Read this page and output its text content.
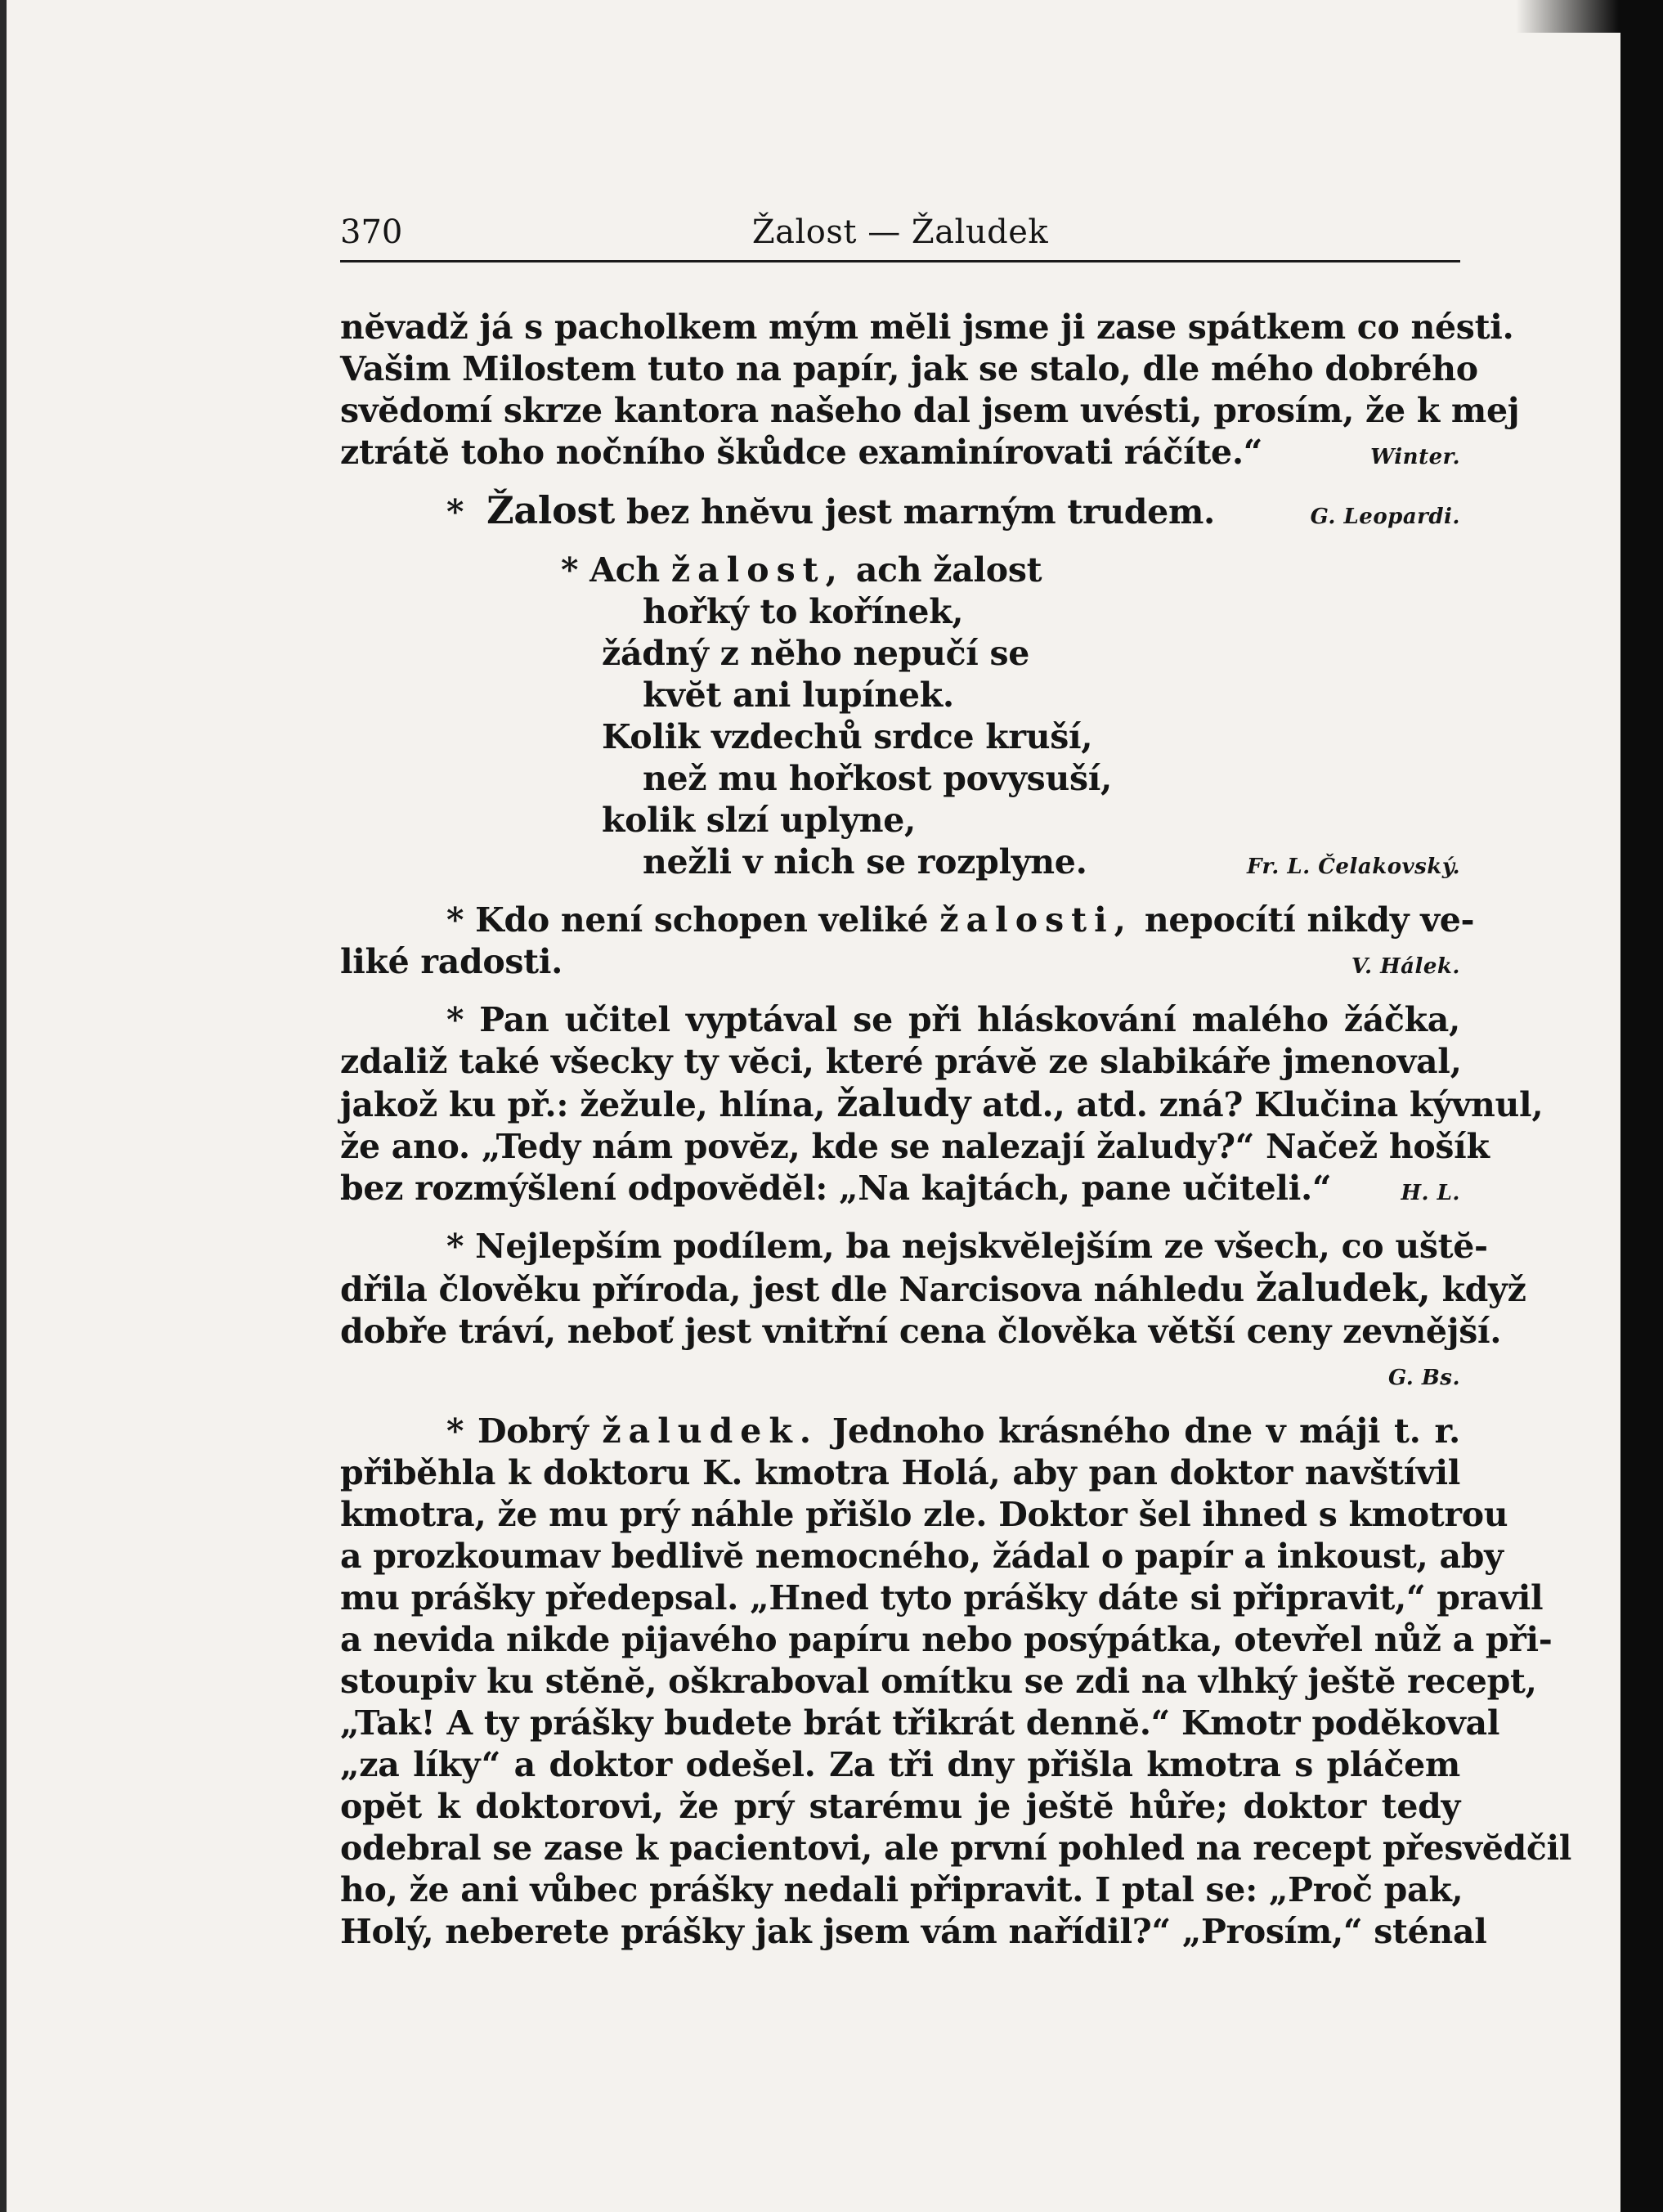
370	Žalost — Žaludek
nĕvadž já s pacholkem mým mĕli jsme ji zase spátkem co nésti.
Vašim Milostem tuto na papír, jak se stalo, dle mého dobrého
svĕdomí skrze kantora našeho dal jsem uvésti, prosím, že k mej
ztrátĕ toho nočního škůdce examinírovati ráčíte.“	Winter.
* Žalost bez hnĕvu jest marným trudem.	G. Leopardi.
* Ach žalost, ach žalost
hořký to kořínek,
žádný z nĕho nepučí se
kvĕt ani lupínek.
Kolik vzdechů srdce kruší,
než mu hořkost povysuší,
kolik slzí uplyne,
nežli v nich se rozplyne.	Fr. L. Čelakovský.
* Kdo není schopen veliké žalosti, nepocítí nikdy ve-
liké radosti.	V. Hálek.
* Pan učitel vyptával se při hláskování malého žáčka,
zdaliž také všecky ty vĕci, které právĕ ze slabikáře jmenoval,
jakož ku př.: žežule, hlína, žaludy atd., atd. zná? Klučina kývnul,
že ano. „Tedy nám povĕz, kde se nalezají žaludy?“ Načež hošík
bez rozmýšlení odpovĕdĕl: „Na kajtách, pane učiteli.“	H. L.
* Nejlepším podílem, ba nejskvĕlejším ze všech, co uštĕ-
dřila člověku příroda, jest dle Narcisova náhledu žaludek, když
dobře tráví, neboť jest vnitřní cena člověka větší ceny zevnější.
G. Bs.
* Dobrý žaludek. Jednoho krásného dne v máji t. r.
přiběhla k doktoru K. kmotra Holá, aby pan doktor navštívil
kmotra, že mu prý náhle přišlo zle. Doktor šel ihned s kmotrou
a prozkoumav bedlivĕ nemocného, žádal o papír a inkoust, aby
mu prášky předepsal. „Hned tyto prášky dáte si připravit,“ pravil
a nevida nikde pijavého papíru nebo posýpátka, otevřel nůž a při-
stoupiv ku stĕnĕ, oškraboval omítku se zdi na vlhký ještĕ recept,
„Tak! A ty prášky budete brát třikrát dennĕ.“ Kmotr podĕkoval
„za líky“ a doktor odešel. Za tři dny přišla kmotra s pláčem
opĕt k doktorovi, že prý starému je ještĕ hůře; doktor tedy
odebral se zase k pacientovi, ale první pohled na recept přesvĕdčil
ho, že ani vůbec prášky nedali připravit. I ptal se: „Proč pak,
Holý, neberete prášky jak jsem vám nařídil?“ „Prosím,“ sténal
